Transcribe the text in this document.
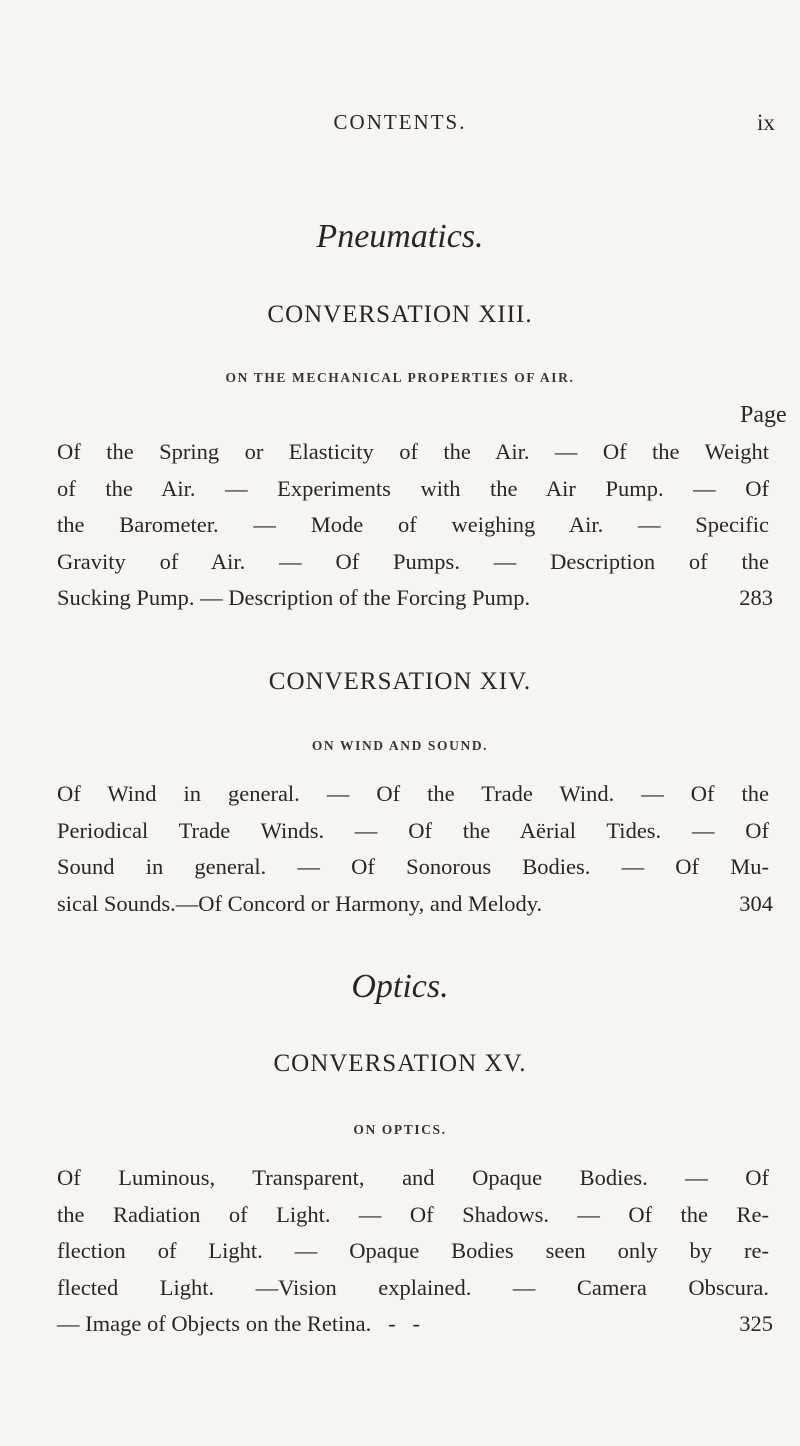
CONTENTS.	ix
Pneumatics.
CONVERSATION XIII.
ON THE MECHANICAL PROPERTIES OF AIR.
Page
Of the Spring or Elasticity of the Air. — Of the Weight
of the Air. — Experiments with the Air Pump. — Of
the Barometer. — Mode of weighing Air. — Specific
Gravity of Air. — Of Pumps. — Description of the
Sucking Pump. — Description of the Forcing Pump.	283
CONVERSATION XIV.
ON WIND AND SOUND.
Of Wind in general. — Of the Trade Wind. — Of the
Periodical Trade Winds. — Of the Aërial Tides. — Of
Sound in general. — Of Sonorous Bodies. — Of Mu-
sical Sounds.—Of Concord or Harmony, and Melody.	304
Optics.
CONVERSATION XV.
ON OPTICS.
Of Luminous, Transparent, and Opaque Bodies. — Of
the Radiation of Light. — Of Shadows. — Of the Re-
flection of Light. — Opaque Bodies seen only by re-
flected Light. —Vision explained. — Camera Obscura.
— Image of Objects on the Retina.   -   -	325
